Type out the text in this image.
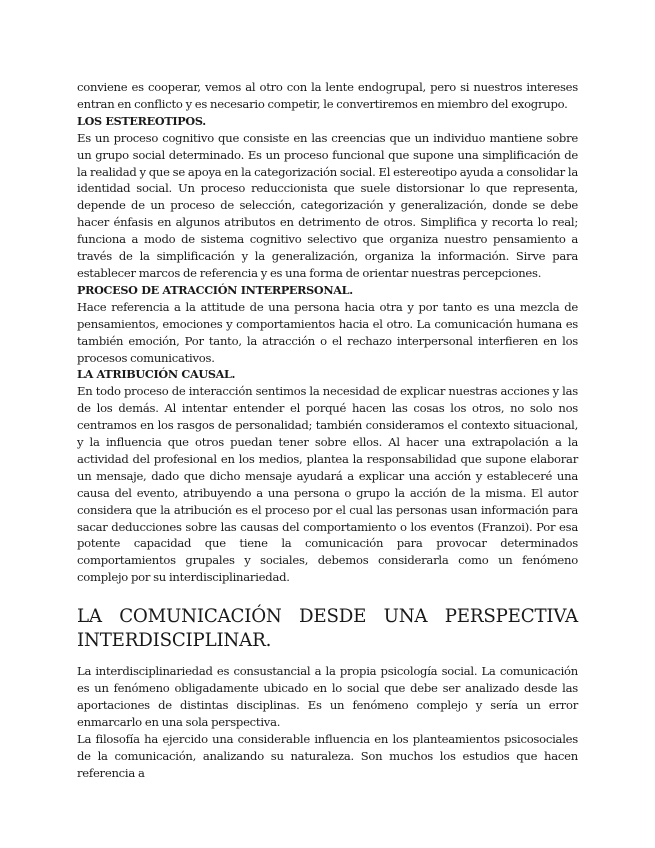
conviene es cooperar, vemos al otro con la lente endogrupal, pero si nuestros intereses entran en conflicto y es necesario competir, le convertiremos en miembro del exogrupo.

LOS ESTEREOTIPOS.

Es un proceso cognitivo que consiste en las creencias que un individuo mantiene sobre un grupo social determinado. Es un proceso funcional que supone una simplificación de la realidad y que se apoya en la categorización social. El estereotipo ayuda a consolidar la identidad social. Un proceso reduccionista que suele distorsionar lo que representa, depende de un proceso de selección, categorización y generalización, donde se debe hacer énfasis en algunos atributos en detrimento de otros. Simplifica y recorta lo real; funciona a modo de sistema cognitivo selectivo que organiza nuestro pensamiento a través de la simplificación y la generalización, organiza la información. Sirve para establecer marcos de referencia y es una forma de orientar nuestras percepciones.

PROCESO DE ATRACCIÓN INTERPERSONAL.

Hace referencia a la attitude de una persona hacia otra y por tanto es una mezcla de pensamientos, emociones y comportamientos hacia el otro. La comunicación humana es también emoción, Por tanto, la atracción o el rechazo interpersonal interfieren en los procesos comunicativos.

LA ATRIBUCIÓN CAUSAL.

En todo proceso de interacción sentimos la necesidad de explicar nuestras acciones y las de los demás. Al intentar entender el porqué hacen las cosas los otros, no solo nos centramos en los rasgos de personalidad; también consideramos el contexto situacional, y la influencia que otros puedan tener sobre ellos. Al hacer una extrapolación a la actividad del profesional en los medios, plantea la responsabilidad que supone elaborar un mensaje, dado que dicho mensaje ayudará a explicar una acción y estableceré una causa del evento, atribuyendo a una persona o grupo la acción de la misma. El autor considera que la atribución es el proceso por el cual las personas usan información para sacar deducciones sobre las causas del comportamiento o los eventos (Franzoi). Por esa potente capacidad que tiene la comunicación para provocar determinados comportamientos grupales y sociales, debemos considerarla como un fenómeno complejo por su interdisciplinariedad.

LA COMUNICACIÓN DESDE UNA PERSPECTIVA INTERDISCIPLINAR.

La interdisciplinariedad es consustancial a la propia psicología social. La comunicación es un fenómeno obligadamente ubicado en lo social que debe ser analizado desde las aportaciones de distintas disciplinas. Es un fenómeno complejo y sería un error enmarcarlo en una sola perspectiva.

La filosofía ha ejercido una considerable influencia en los planteamientos psicosociales de la comunicación, analizando su naturaleza. Son muchos los estudios que hacen referencia a
